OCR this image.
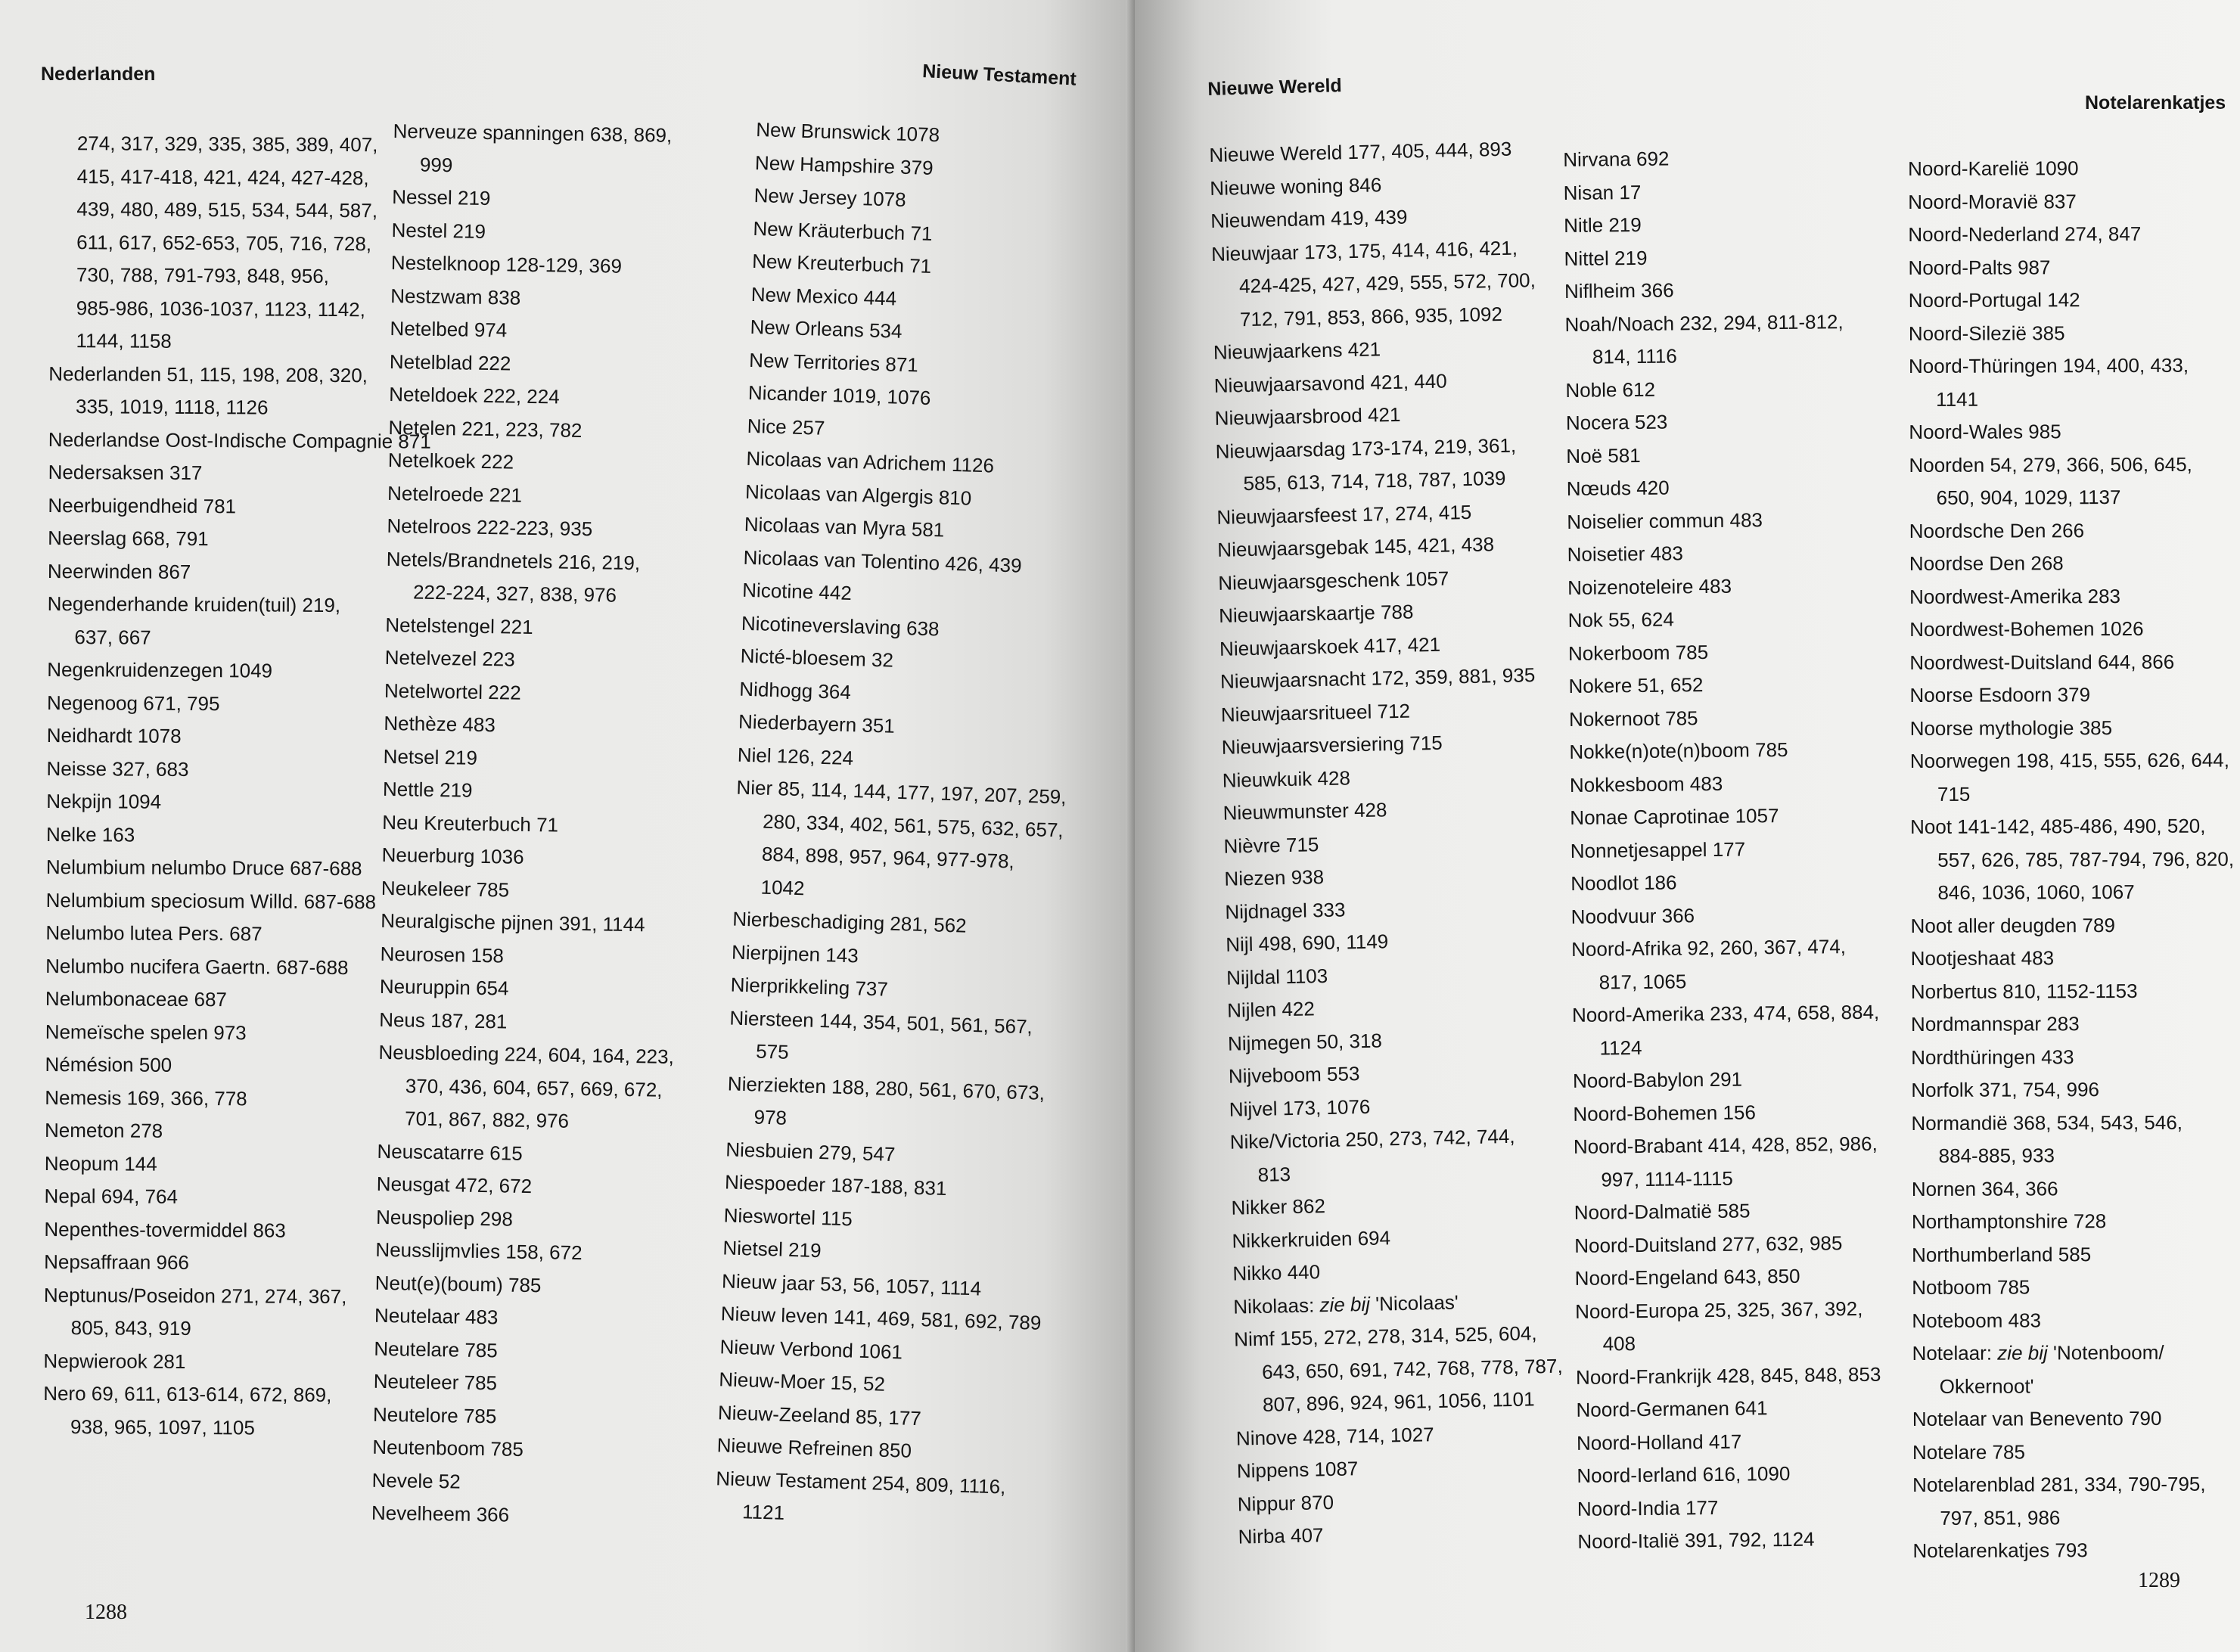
Nederlanden	Nieuw Testament

274, 317, 329, 335, 385, 389, 407,
415, 417-418, 421, 424, 427-428,
439, 480, 489, 515, 534, 544, 587,
611, 617, 652-653, 705, 716, 728,
730, 788, 791-793, 848, 956,
985-986, 1036-1037, 1123, 1142,
1144, 1158
Nederlanden 51, 115, 198, 208, 320,
335, 1019, 1118, 1126
Nederlandse Oost-Indische Compagnie 871
Nedersaksen 317
Neerbuigendheid 781
Neerslag 668, 791
Neerwinden 867
Negenderhande kruiden(tuil) 219,
637, 667
Negenkruidenzegen 1049
Negenoog 671, 795
Neidhardt 1078
Neisse 327, 683
Nekpijn 1094
Nelke 163
Nelumbium nelumbo Druce 687-688
Nelumbium speciosum Willd. 687-688
Nelumbo lutea Pers. 687
Nelumbo nucifera Gaertn. 687-688
Nelumbonaceae 687
Nemeïsche spelen 973
Némésion 500
Nemesis 169, 366, 778
Nemeton 278
Neopum 144
Nepal 694, 764
Nepenthes-tovermiddel 863
Nepsaffraan 966
Neptunus/Poseidon 271, 274, 367,
805, 843, 919
Nepwierook 281
Nero 69, 611, 613-614, 672, 869,
938, 965, 1097, 1105
Nerveuze spanningen 638, 869,
999
Nessel 219
Nestel 219
Nestelknoop 128-129, 369
Nestzwam 838
Netelbed 974
Netelblad 222
Neteldoek 222, 224
Netelen 221, 223, 782
Netelkoek 222
Netelroede 221
Netelroos 222-223, 935
Netels/Brandnetels 216, 219,
222-224, 327, 838, 976
Netelstengel 221
Netelvezel 223
Netelwortel 222
Nethèze 483
Netsel 219
Nettle 219
Neu Kreuterbuch 71
Neuerburg 1036
Neukeleer 785
Neuralgische pijnen 391, 1144
Neurosen 158
Neuruppin 654
Neus 187, 281
Neusbloeding 224, 604, 164, 223,
370, 436, 604, 657, 669, 672,
701, 867, 882, 976
Neuscatarre 615
Neusgat 472, 672
Neuspoliep 298
Neusslijmvlies 158, 672
Neut(e)(boum) 785
Neutelaar 483
Neutelare 785
Neuteleer 785
Neutelore 785
Neutenboom 785
Nevele 52
Nevelheem 366
New Brunswick 1078
New Hampshire 379
New Jersey 1078
New Kräuterbuch 71
New Kreuterbuch 71
New Mexico 444
New Orleans 534
New Territories 871
Nicander 1019, 1076
Nice 257
Nicolaas van Adrichem 1126
Nicolaas van Algergis 810
Nicolaas van Myra 581
Nicolaas van Tolentino 426, 439
Nicotine 442
Nicotineverslaving 638
Nicté-bloesem 32
Nidhogg 364
Niederbayern 351
Niel 126, 224
Nier 85, 114, 144, 177, 197, 207, 259,
280, 334, 402, 561, 575, 632, 657,
884, 898, 957, 964, 977-978,
1042
Nierbeschadiging 281, 562
Nierpijnen 143
Nierprikkeling 737
Niersteen 144, 354, 501, 561, 567,
575
Nierziekten 188, 280, 561, 670, 673,
978
Niesbuien 279, 547
Niespoeder 187-188, 831
Nieswortel 115
Nietsel 219
Nieuw jaar 53, 56, 1057, 1114
Nieuw leven 141, 469, 581, 692, 789
Nieuw Verbond 1061
Nieuw-Moer 15, 52
Nieuw-Zeeland 85, 177
Nieuwe Refreinen 850
Nieuw Testament 254, 809, 1116,
1121

1288

Nieuwe Wereld

Notelarenkatjes

Nieuwe Wereld 177, 405, 444, 893
Nieuwe woning 846
Nieuwendam 419, 439
Nieuwjaar 173, 175, 414, 416, 421,
424-425, 427, 429, 555, 572, 700,
712, 791, 853, 866, 935, 1092
Nieuwjaarkens 421
Nieuwjaarsavond 421, 440
Nieuwjaarsbrood 421
Nieuwjaarsdag 173-174, 219, 361,
585, 613, 714, 718, 787, 1039
Nieuwjaarsfeest 17, 274, 415
Nieuwjaarsgebak 145, 421, 438
Nieuwjaarsgeschenk 1057
Nieuwjaarskaartje 788
Nieuwjaarskoek 417, 421
Nieuwjaarsnacht 172, 359, 881, 935
Nieuwjaarsritueel 712
Nieuwjaarsversiering 715
Nieuwkuik 428
Nieuwmunster 428
Nièvre 715
Niezen 938
Nijdnagel 333
Nijl 498, 690, 1149
Nijldal 1103
Nijlen 422
Nijmegen 50, 318
Nijveboom 553
Nijvel 173, 1076
Nike/Victoria 250, 273, 742, 744,
813
Nikker 862
Nikkerkruiden 694
Nikko 440
Nikolaas: zie bij 'Nicolaas'
Nimf 155, 272, 278, 314, 525, 604,
643, 650, 691, 742, 768, 778, 787,
807, 896, 924, 961, 1056, 1101
Ninove 428, 714, 1027
Nippens 1087
Nippur 870
Nirba 407
Nirvana 692
Nisan 17
Nitle 219
Nittel 219
Niflheim 366
Noah/Noach 232, 294, 811-812,
814, 1116
Noble 612
Nocera 523
Noë 581
Nœuds 420
Noiselier commun 483
Noisetier 483
Noizenoteleire 483
Nok 55, 624
Nokerboom 785
Nokere 51, 652
Nokernoot 785
Nokke(n)ote(n)boom 785
Nokkesboom 483
Nonae Caprotinae 1057
Nonnetjesappel 177
Noodlot 186
Noodvuur 366
Noord-Afrika 92, 260, 367, 474,
817, 1065
Noord-Amerika 233, 474, 658, 884,
1124
Noord-Babylon 291
Noord-Bohemen 156
Noord-Brabant 414, 428, 852, 986,
997, 1114-1115
Noord-Dalmatië 585
Noord-Duitsland 277, 632, 985
Noord-Engeland 643, 850
Noord-Europa 25, 325, 367, 392,
408
Noord-Frankrijk 428, 845, 848, 853
Noord-Germanen 641
Noord-Holland 417
Noord-Ierland 616, 1090
Noord-India 177
Noord-Italië 391, 792, 1124
Noord-Karelië 1090
Noord-Moravië 837
Noord-Nederland 274, 847
Noord-Palts 987
Noord-Portugal 142
Noord-Silezië 385
Noord-Thüringen 194, 400, 433,
1141
Noord-Wales 985
Noorden 54, 279, 366, 506, 645,
650, 904, 1029, 1137
Noordsche Den 266
Noordse Den 268
Noordwest-Amerika 283
Noordwest-Bohemen 1026
Noordwest-Duitsland 644, 866
Noorse Esdoorn 379
Noorse mythologie 385
Noorwegen 198, 415, 555, 626, 644,
715
Noot 141-142, 485-486, 490, 520,
557, 626, 785, 787-794, 796, 820,
846, 1036, 1060, 1067
Noot aller deugden 789
Nootjeshaat 483
Norbertus 810, 1152-1153
Nordmannspar 283
Nordthüringen 433
Norfolk 371, 754, 996
Normandië 368, 534, 543, 546,
884-885, 933
Nornen 364, 366
Northamptonshire 728
Northumberland 585
Notboom 785
Noteboom 483
Notelaar: zie bij 'Notenboom/
Okkernoot'
Notelaar van Benevento 790
Notelare 785
Notelarenblad 281, 334, 790-795,
797, 851, 986
Notelarenkatjes 793

1289
